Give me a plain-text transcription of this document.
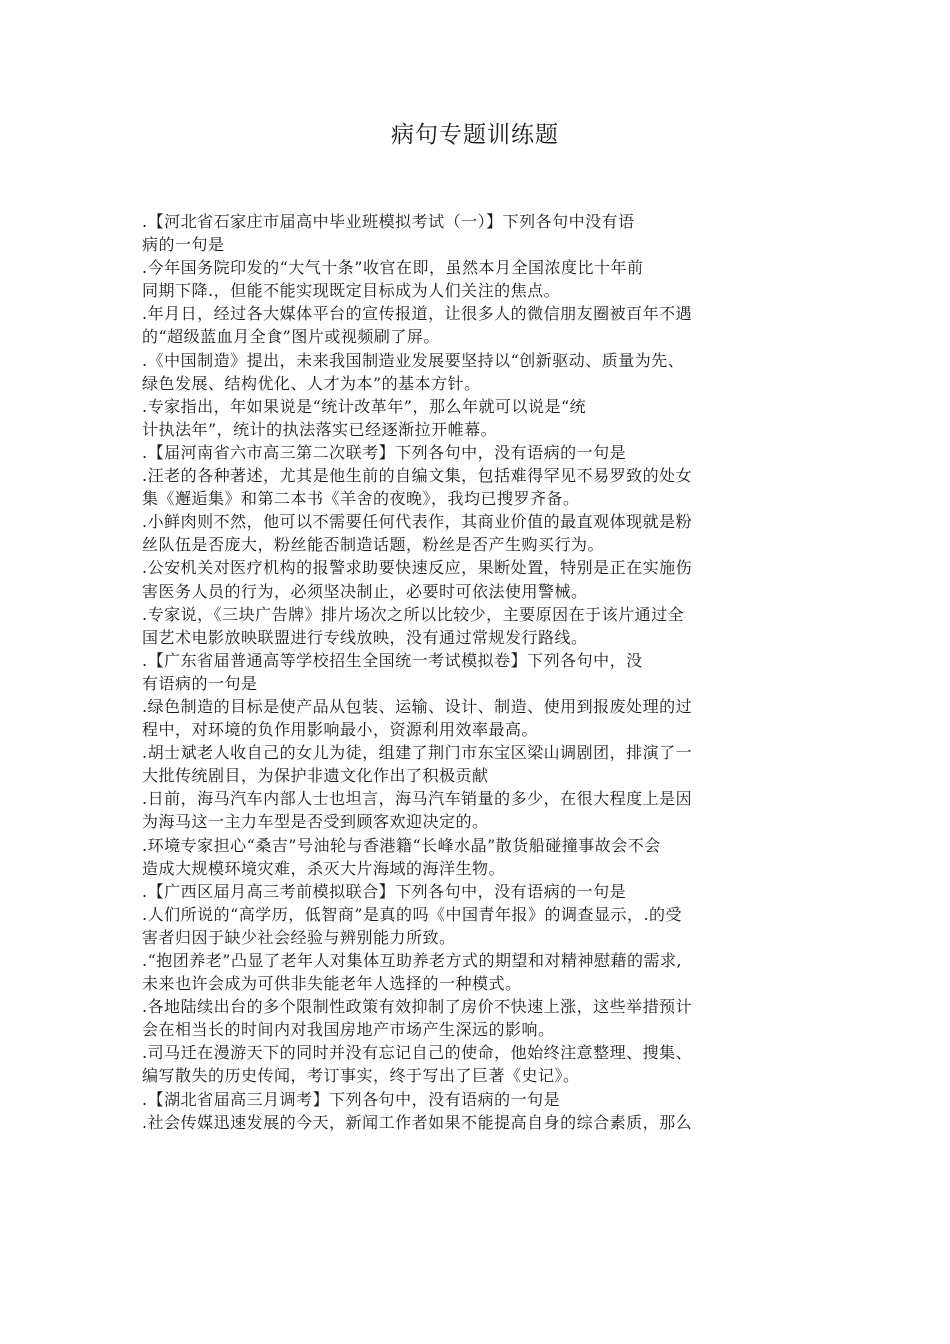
病句专题训练题
.【河北省石家庄市届高中毕业班模拟考试（一）】下列各句中没有语
病的一句是
.今年国务院印发的“大气十条”收官在即，虽然本月全国浓度比十年前
同期下降.，但能不能实现既定目标成为人们关注的焦点。
.年月日，经过各大媒体平台的宣传报道，让很多人的微信朋友圈被百年不遇
的“超级蓝血月全食”图片或视频刷了屏。
.《中国制造》提出，未来我国制造业发展要坚持以“创新驱动、质量为先、
绿色发展、结构优化、人才为本”的基本方针。
.专家指出，年如果说是“统计改革年”，那么年就可以说是“统
计执法年”，统计的执法落实已经逐渐拉开帷幕。
.【届河南省六市高三第二次联考】下列各句中，没有语病的一句是
.汪老的各种著述，尤其是他生前的自编文集，包括难得罕见不易罗致的处女
集《邂逅集》和第二本书《羊舍的夜晚》，我均已搜罗齐备。
.小鲜肉则不然，他可以不需要任何代表作，其商业价值的最直观体现就是粉
丝队伍是否庞大，粉丝能否制造话题，粉丝是否产生购买行为。
.公安机关对医疗机构的报警求助要快速反应，果断处置，特别是正在实施伤
害医务人员的行为，必须坚决制止，必要时可依法使用警械。
.专家说，《三块广告牌》排片场次之所以比较少，主要原因在于该片通过全
国艺术电影放映联盟进行专线放映，没有通过常规发行路线。
.【广东省届普通高等学校招生全国统一考试模拟卷】下列各句中，没
有语病的一句是
.绿色制造的目标是使产品从包装、运输、设计、制造、使用到报废处理的过
程中，对环境的负作用影响最小，资源利用效率最高。
.胡士斌老人收自己的女儿为徒，组建了荆门市东宝区梁山调剧团，排演了一
大批传统剧目，为保护非遗文化作出了积极贡献
.日前，海马汽车内部人士也坦言，海马汽车销量的多少，在很大程度上是因
为海马这一主力车型是否受到顾客欢迎决定的。
.环境专家担心“桑吉”号油轮与香港籍“长峰水晶”散货船碰撞事故会不会
造成大规模环境灾难，杀灭大片海域的海洋生物。
.【广西区届月高三考前模拟联合】下列各句中，没有语病的一句是
.人们所说的“高学历，低智商”是真的吗《中国青年报》的调查显示，.的受
害者归因于缺少社会经验与辨别能力所致。
.“抱团养老”凸显了老年人对集体互助养老方式的期望和对精神慰藉的需求,
未来也许会成为可供非失能老年人选择的一种模式。
.各地陆续出台的多个限制性政策有效抑制了房价不快速上涨，这些举措预计
会在相当长的时间内对我国房地产市场产生深远的影响。
.司马迁在漫游天下的同时并没有忘记自己的使命，他始终注意整理、搜集、
编写散失的历史传闻，考订事实，终于写出了巨著《史记》。
.【湖北省届高三月调考】下列各句中，没有语病的一句是
.社会传媒迅速发展的今天，新闻工作者如果不能提高自身的综合素质，那么
